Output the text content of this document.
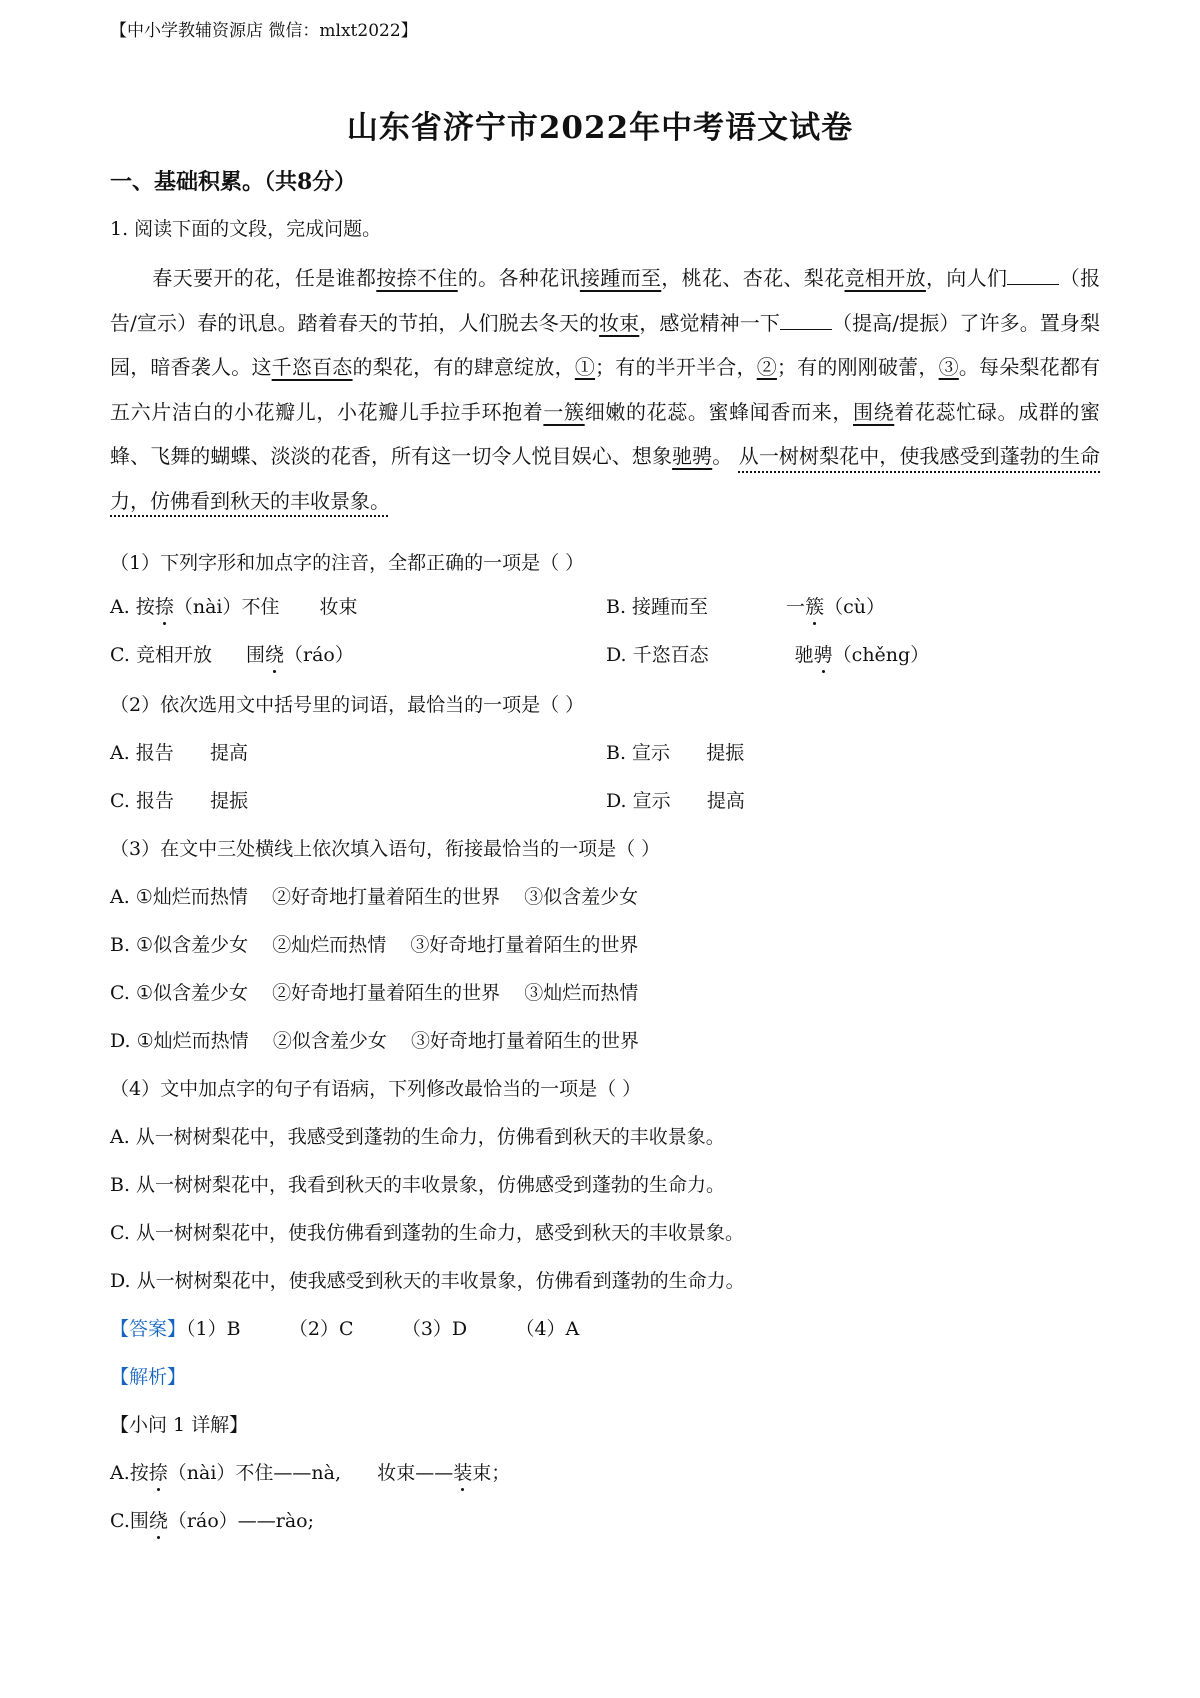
【中小学教辅资源店 微信：mlxt2022】
山东省济宁市2022年中考语文试卷
一、基础积累。（共8分）
1. 阅读下面的文段，完成问题。
春天要开的花，任是谁都按捺不住的。各种花讯接踵而至，桃花、杏花、梨花竞相开放，向人们	（报告/宣示）春的讯息。踏着春天的节拍，人们脱去冬天的妆束，感觉精神一下	（提高/提振）了许多。置身梨园，暗香袭人。这千恣百态的梨花，有的肆意绽放，①；有的半开半合，②；有的刚刚破蕾，③。每朵梨花都有五六片洁白的小花瓣儿，小花瓣儿手拉手环抱着一簇细嫩的花蕊。蜜蜂闻香而来，围绕着花蕊忙碌。成群的蜜蜂、飞舞的蝴蝶、淡淡的花香，所有这一切令人悦目娱心、想象驰骋。 从一树树梨花中，使我感受到蓬勃的生命力，仿佛看到秋天的丰收景象。
（1）下列字形和加点字的注音，全都正确的一项是（ ）
A. 按捺（nài）不住 妆束	B. 接踵而至	一簇（cù）
C. 竞相开放 围绕（ráo）	D. 千恣百态	驰骋（chěng）
（2）依次选用文中括号里的词语，最恰当的一项是（ ）
A. 报告      提高	B. 宣示      提振
C. 报告      提振	D. 宣示      提高
（3）在文中三处横线上依次填入语句，衔接最恰当的一项是（ ）
A. ①灿烂而热情    ②好奇地打量着陌生的世界    ③似含羞少女
B. ①似含羞少女    ②灿烂而热情    ③好奇地打量着陌生的世界
C. ①似含羞少女    ②好奇地打量着陌生的世界    ③灿烂而热情
D. ①灿烂而热情    ②似含羞少女    ③好奇地打量着陌生的世界
（4）文中加点字的句子有语病，下列修改最恰当的一项是（ ）
A. 从一树树梨花中，我感受到蓬勃的生命力，仿佛看到秋天的丰收景象。
B. 从一树树梨花中，我看到秋天的丰收景象，仿佛感受到蓬勃的生命力。
C. 从一树树梨花中，使我仿佛看到蓬勃的生命力，感受到秋天的丰收景象。
D. 从一树树梨花中，使我感受到秋天的丰收景象，仿佛看到蓬勃的生命力。
【答案】（1）B        （2）C        （3）D        （4）A
【解析】
【小问 1 详解】
A.按捺（nài）不住——nà,      妆束——装束；
C.围绕（ráo）——rào;
